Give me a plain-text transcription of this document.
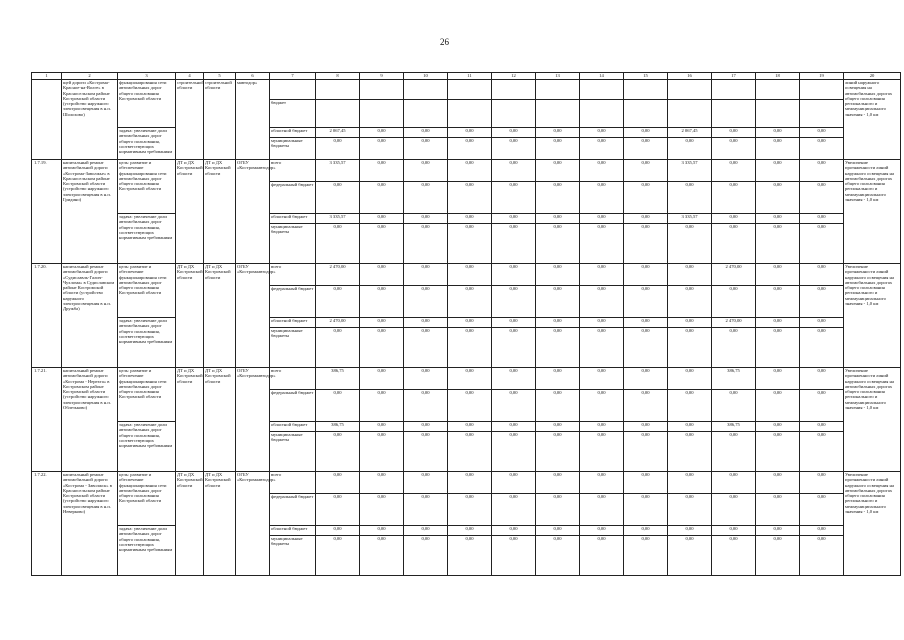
26
1	2	3	4	5	6	7	8	9	10	11	12	13	14	15	16	17	18	19	20
	щей дороги «Кострома-Красное-на-Волге» в Красносельском районе Костромской области (устройство наружного электроосвещения в н.п. Шолохово)	функционирования сети автомобильных дорог общего пользования Костромской области	строительной области	строительной области	мавтодор»														линий наружного освещения на автомобильных дорогах общего пользования регионального и межмуниципального значения - 1,0 км
						бюджет													
		задача: увеличение доли автомобильных дорог общего пользования, соответствующих нормативным требованиям				областной бюджет	2 067,45	0,00	0,00	0,00	0,00	0,00	0,00	0,00	2 067,45	0,00	0,00	0,00	
						муниципальные бюджеты	0,00	0,00	0,00	0,00	0,00	0,00	0,00	0,00	0,00	0,00	0,00	0,00	
1.7.19.	капитальный ремонт автомобильной дороги «Кострома-Заволжье» в Красносельском районе Костромской области (устройство наружного электроосвещения в н.п. Гридино)	цель: развитие и обеспечение функционирования сети автомобильных дорог общего пользования Костромской области	ДТ и ДХ Костромской области	ДТ и ДХ Костромской области	ОГБУ «Костромаавтодор»	всего	3 335,57	0,00	0,00	0,00	0,00	0,00	0,00	0,00	3 335,57	0,00	0,00	0,00	Увеличение протяженности линий наружного освещения на автомобильных дорогах общего пользования регионального и межмуниципального значения - 1,0 км
						федеральный бюджет	0,00	0,00	0,00	0,00	0,00	0,00	0,00	0,00	0,00	0,00	0,00	0,00	
		задача: увеличение доли автомобильных дорог общего пользования, соответствующих нормативным требованиям				областной бюджет	3 335,57	0,00	0,00	0,00	0,00	0,00	0,00	0,00	3 335,57	0,00	0,00	0,00	
						муниципальные бюджеты	0,00	0,00	0,00	0,00	0,00	0,00	0,00	0,00	0,00	0,00	0,00	0,00	
1.7.20.	капитальный ремонт автомобильной дороги «Судиславль-Галич-Чухлома» в Судиславском районе Костромской области (устройство наружного электроосвещения в н.п. Дружба)	цель: развитие и обеспечение функционирования сети автомобильных дорог общего пользования Костромской области	ДТ и ДХ Костромской области	ДТ и ДХ Костромской области	ОГБУ «Костромаавтодор»	всего	2 470,00	0,00	0,00	0,00	0,00	0,00	0,00	0,00	0,00	2 470,00	0,00	0,00	Увеличение протяженности линий наружного освещения на автомобильных дорогах общего пользования регионального и межмуниципального значения - 1,0 км
						федеральный бюджет	0,00	0,00	0,00	0,00	0,00	0,00	0,00	0,00	0,00	0,00	0,00	0,00	
		задача: увеличение доли автомобильных дорог общего пользования, соответствующих нормативным требованиям				областной бюджет	2 470,00	0,00	0,00	0,00	0,00	0,00	0,00	0,00	0,00	2 470,00	0,00	0,00	
						муниципальные бюджеты	0,00	0,00	0,00	0,00	0,00	0,00	0,00	0,00	0,00	0,00	0,00	0,00	
1.7.21.	капитальный ремонт автомобильной дороги «Кострома - Нерехта» в Костромском районе Костромской области (устройство наружного электроосвещения в н.п. Облезьково)	цель: развитие и обеспечение функционирования сети автомобильных дорог общего пользования Костромской области	ДТ и ДХ Костромской области	ДТ и ДХ Костромской области	ОГБУ «Костромаавтодор»	всего	386,75	0,00	0,00	0,00	0,00	0,00	0,00	0,00	0,00	386,75	0,00	0,00	Увеличение протяженности линий наружного освещения на автомобильных дорогах общего пользования регионального и межмуниципального значения - 1,0 км
						федеральный бюджет	0,00	0,00	0,00	0,00	0,00	0,00	0,00	0,00	0,00	0,00	0,00	0,00	
		задача: увеличение доли автомобильных дорог общего пользования, соответствующих нормативным требованиям				областной бюджет	386,75	0,00	0,00	0,00	0,00	0,00	0,00	0,00	0,00	386,75	0,00	0,00	
						муниципальные бюджеты	0,00	0,00	0,00	0,00	0,00	0,00	0,00	0,00	0,00	0,00	0,00	0,00	
1.7.22.	капитальный ремонт автомобильной дороги «Кострома - Заволжск» в Красносельском районе Костромской области (устройство наружного электроосвещения в н.п. Неверково)	цель: развитие и обеспечение функционирования сети автомобильных дорог общего пользования Костромской области	ДТ и ДХ Костромской области	ДТ и ДХ Костромской области	ОГБУ «Костромаавтодор»	всего	0,00	0,00	0,00	0,00	0,00	0,00	0,00	0,00	0,00	0,00	0,00	0,00	Увеличение протяженности линий наружного освещения на автомобильных дорогах общего пользования регионального и межмуниципального значения - 1,0 км
						федеральный бюджет	0,00	0,00	0,00	0,00	0,00	0,00	0,00	0,00	0,00	0,00	0,00	0,00	
		задача: увеличение доли автомобильных дорог общего пользования, соответствующих нормативным требованиям				областной бюджет	0,00	0,00	0,00	0,00	0,00	0,00	0,00	0,00	0,00	0,00	0,00	0,00	
						муниципальные бюджеты	0,00	0,00	0,00	0,00	0,00	0,00	0,00	0,00	0,00	0,00	0,00	0,00	
